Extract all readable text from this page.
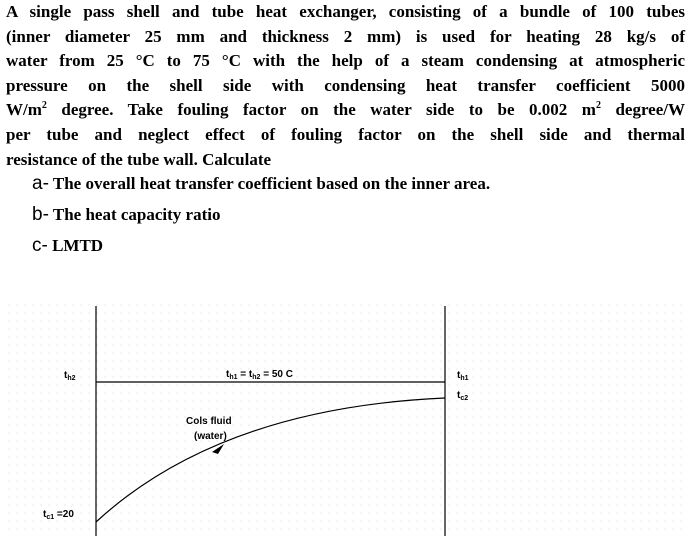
A single pass shell and tube heat exchanger, consisting of a bundle of 100 tubes
(inner diameter 25 mm and thickness 2 mm) is used for heating 28 kg/s of
water from 25 °C to 75 °C with the help of a steam condensing at atmospheric
pressure on the shell side with condensing heat transfer coefficient 5000
$W/m^2$ degree. Take fouling factor on the water side to be 0.002 $m^2$ degree/W
per tube and neglect effect of fouling factor on the shell side and thermal
resistance of the tube wall. Calculate
a- The overall heat transfer coefficient based on the inner area.
b- The heat capacity ratio
c- LMTD
$t_{h2}$	$t_{h1} = t_{h2} = 50$ C	$t_{h1}$
$t_{c2}$
Cols fluid
(water)
$t_{c1} =20$
